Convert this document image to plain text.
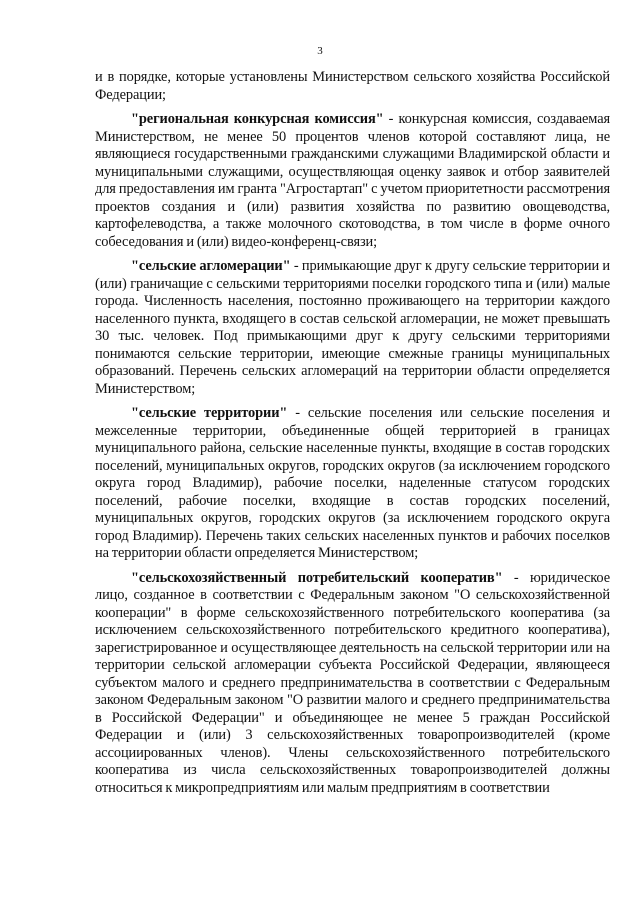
3

и в порядке, которые установлены Министерством сельского хозяйства Российской Федерации;

"региональная конкурсная комиссия" - конкурсная комиссия, создаваемая Министерством, не менее 50 процентов членов которой составляют лица, не являющиеся государственными гражданскими служащими Владимирской области и муниципальными служащими, осуществляющая оценку заявок и отбор заявителей для предоставления им гранта "Агростартап" с учетом приоритетности рассмотрения проектов создания и (или) развития хозяйства по развитию овощеводства, картофелеводства, а также молочного скотоводства, в том числе в форме очного собеседования и (или) видео-конференц-связи;

"сельские агломерации" - примыкающие друг к другу сельские территории и (или) граничащие с сельскими территориями поселки городского типа и (или) малые города. Численность населения, постоянно проживающего на территории каждого населенного пункта, входящего в состав сельской агломерации, не может превышать 30 тыс. человек. Под примыкающими друг к другу сельскими территориями понимаются сельские территории, имеющие смежные границы муниципальных образований. Перечень сельских агломераций на территории области определяется Министерством;

"сельские территории" - сельские поселения или сельские поселения и межселенные территории, объединенные общей территорией в границах муниципального района, сельские населенные пункты, входящие в состав городских поселений, муниципальных округов, городских округов (за исключением городского округа город Владимир), рабочие поселки, наделенные статусом городских поселений, рабочие поселки, входящие в состав городских поселений, муниципальных округов, городских округов (за исключением городского округа город Владимир). Перечень таких сельских населенных пунктов и рабочих поселков на территории области определяется Министерством;

"сельскохозяйственный потребительский кооператив" - юридическое лицо, созданное в соответствии с Федеральным законом "О сельскохозяйственной кооперации" в форме сельскохозяйственного потребительского кооператива (за исключением сельскохозяйственного потребительского кредитного кооператива), зарегистрированное и осуществляющее деятельность на сельской территории или на территории сельской агломерации субъекта Российской Федерации, являющееся субъектом малого и среднего предпринимательства в соответствии с Федеральным законом Федеральным законом "О развитии малого и среднего предпринимательства в Российской Федерации" и объединяющее не менее 5 граждан Российской Федерации и (или) 3 сельскохозяйственных товаропроизводителей (кроме ассоциированных членов). Члены сельскохозяйственного потребительского кооператива из числа сельскохозяйственных товаропроизводителей должны относиться к микропредприятиям или малым предприятиям в соответствии
